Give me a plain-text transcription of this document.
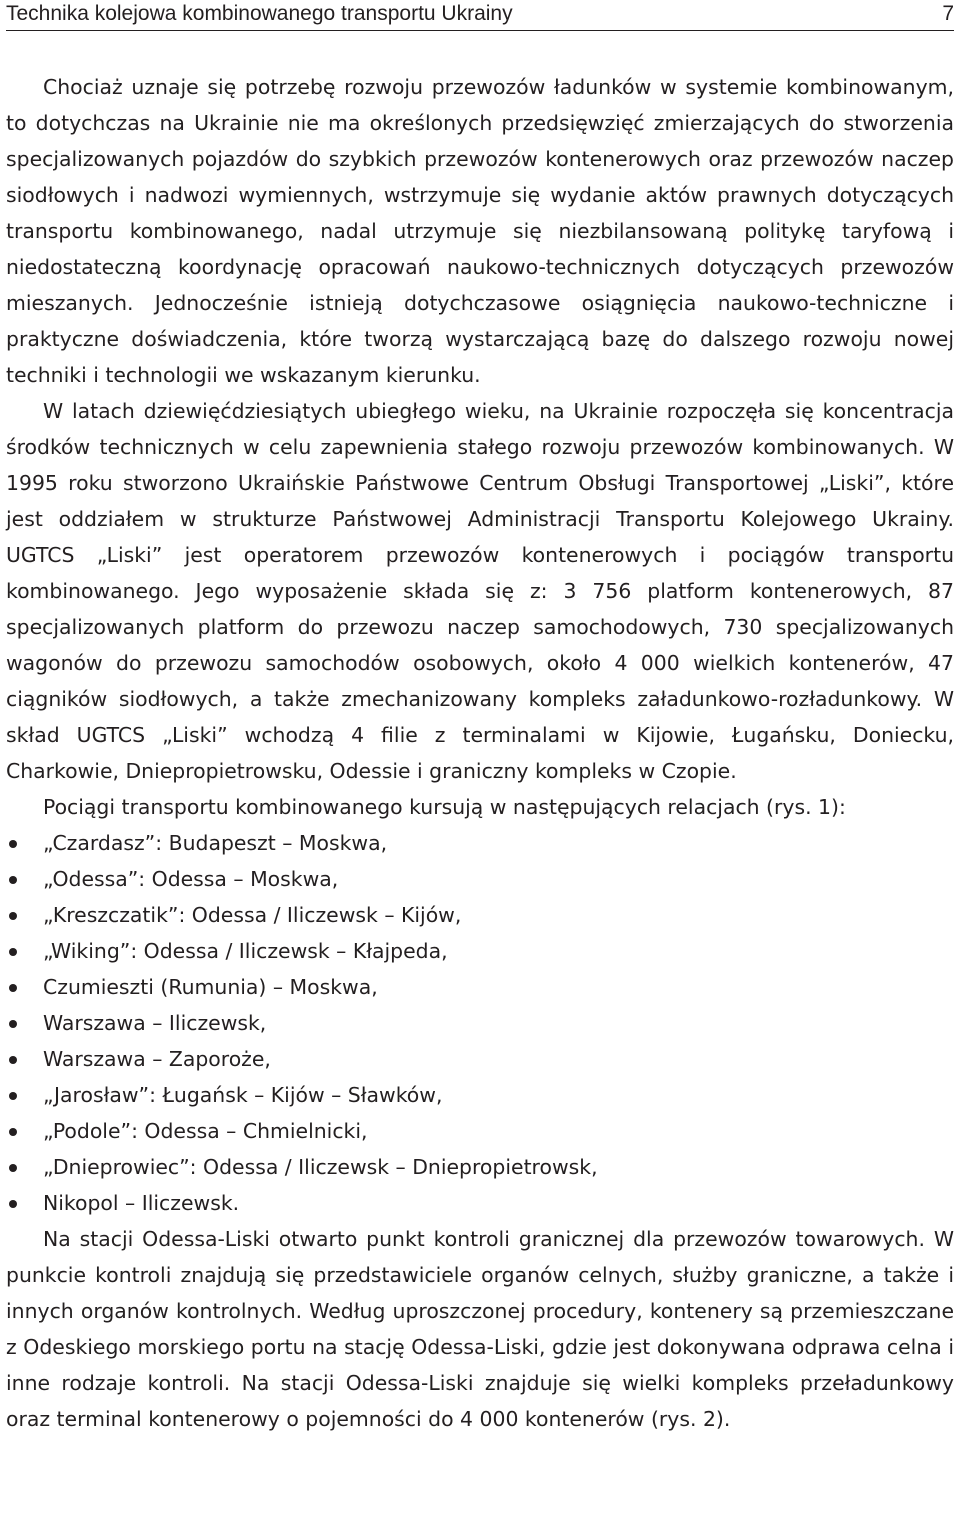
Technika kolejowa kombinowanego transportu Ukrainy	7

Chociaż uznaje się potrzebę rozwoju przewozów ładunków w systemie kombinowanym, to dotychczas na Ukrainie nie ma określonych przedsięwzięć zmierzających do stworzenia specjalizowanych pojazdów do szybkich przewozów kontenerowych oraz przewozów naczep siodłowych i nadwozi wymiennych, wstrzymuje się wydanie aktów prawnych dotyczących transportu kombinowanego, nadal utrzymuje się niezbilansowaną politykę taryfową i niedostateczną koordynację opracowań naukowo-technicznych dotyczących przewozów mieszanych. Jednocześnie istnieją dotychczasowe osiągnięcia naukowo-techniczne i praktyczne doświadczenia, które tworzą wystarczającą bazę do dalszego rozwoju nowej techniki i technologii we wskazanym kierunku.

W latach dziewięćdziesiątych ubiegłego wieku, na Ukrainie rozpoczęła się koncentracja środków technicznych w celu zapewnienia stałego rozwoju przewozów kombinowanych. W 1995 roku stworzono Ukraińskie Państwowe Centrum Obsługi Transportowej „Liski”, które jest oddziałem w strukturze Państwowej Administracji Transportu Kolejowego Ukrainy. UGTCS „Liski” jest operatorem przewozów kontenerowych i pociągów transportu kombinowanego. Jego wyposażenie składa się z: 3 756 platform kontenerowych, 87 specjalizowanych platform do przewozu naczep samochodowych, 730 specjalizowanych wagonów do przewozu samochodów osobowych, około 4 000 wielkich kontenerów, 47 ciągników siodłowych, a także zmechanizowany kompleks załadunkowo-rozładunkowy. W skład UGTCS „Liski” wchodzą 4 filie z terminalami w Kijowie, Ługańsku, Doniecku, Charkowie, Dniepropietrowsku, Odessie i graniczny kompleks w Czopie.

Pociągi transportu kombinowanego kursują w następujących relacjach (rys. 1):

„Czardasz”: Budapeszt – Moskwa,
„Odessa”: Odessa – Moskwa,
„Kreszczatik”: Odessa / Iliczewsk – Kijów,
„Wiking”: Odessa / Iliczewsk – Kłajpeda,
Czumieszti (Rumunia) – Moskwa,
Warszawa – Iliczewsk,
Warszawa – Zaporoże,
„Jarosław”: Ługańsk – Kijów – Sławków,
„Podole”: Odessa – Chmielnicki,
„Dnieprowiec”: Odessa / Iliczewsk – Dniepropietrowsk,
Nikopol – Iliczewsk.

Na stacji Odessa-Liski otwarto punkt kontroli granicznej dla przewozów towarowych. W punkcie kontroli znajdują się przedstawiciele organów celnych, służby graniczne, a także i innych organów kontrolnych. Według uproszczonej procedury, kontenery są przemieszczane z Odeskiego morskiego portu na stację Odessa-Liski, gdzie jest dokonywana odprawa celna i inne rodzaje kontroli. Na stacji Odessa-Liski znajduje się wielki kompleks przeładunkowy oraz terminal kontenerowy o pojemności do 4 000 kontenerów (rys. 2).
